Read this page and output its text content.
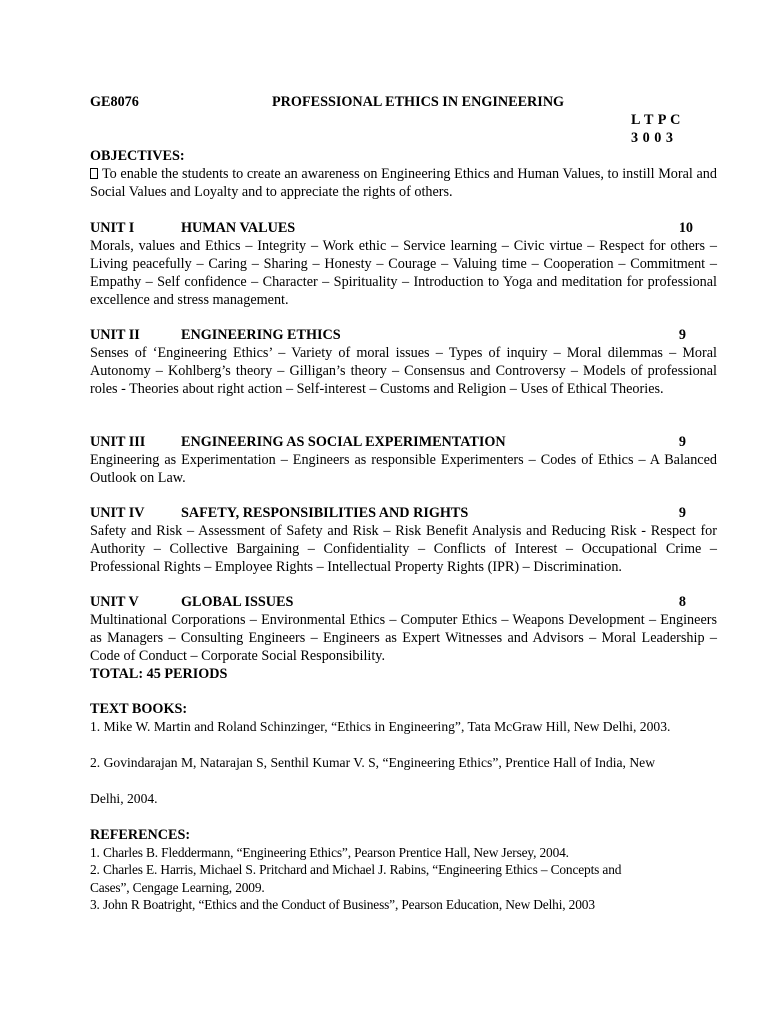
GE8076	PROFESSIONAL ETHICS IN ENGINEERING
L T P C
3 0 0 3
OBJECTIVES:
To enable the students to create an awareness on Engineering Ethics and Human Values, to instill Moral and Social Values and Loyalty and to appreciate the rights of others.
UNIT I	HUMAN VALUES	10
Morals, values and Ethics – Integrity – Work ethic – Service learning – Civic virtue – Respect for others – Living peacefully – Caring – Sharing – Honesty – Courage – Valuing time – Cooperation – Commitment – Empathy – Self confidence – Character – Spirituality – Introduction to Yoga and meditation for professional excellence and stress management.
UNIT II	ENGINEERING ETHICS	9
Senses of ‘Engineering Ethics’ – Variety of moral issues – Types of inquiry – Moral dilemmas – Moral Autonomy – Kohlberg’s theory – Gilligan’s theory – Consensus and Controversy – Models of professional roles - Theories about right action – Self-interest – Customs and Religion – Uses of Ethical Theories.
UNIT III	ENGINEERING AS SOCIAL EXPERIMENTATION	9
Engineering as Experimentation – Engineers as responsible Experimenters – Codes of Ethics – A Balanced Outlook on Law.
UNIT IV	SAFETY, RESPONSIBILITIES AND RIGHTS	9
Safety and Risk – Assessment of Safety and Risk – Risk Benefit Analysis and Reducing Risk - Respect for Authority – Collective Bargaining – Confidentiality – Conflicts of Interest – Occupational Crime – Professional Rights – Employee Rights – Intellectual Property Rights (IPR) – Discrimination.
UNIT V	GLOBAL ISSUES	8
Multinational Corporations – Environmental Ethics – Computer Ethics – Weapons Development – Engineers as Managers – Consulting Engineers – Engineers as Expert Witnesses and Advisors – Moral Leadership –Code of Conduct – Corporate Social Responsibility.
TOTAL: 45 PERIODS
TEXT BOOKS:
1. Mike W. Martin and Roland Schinzinger, “Ethics in Engineering”, Tata McGraw Hill, New Delhi, 2003.
2. Govindarajan M, Natarajan S, Senthil Kumar V. S, “Engineering Ethics”, Prentice Hall of India, New
Delhi, 2004.
REFERENCES:
1. Charles B. Fleddermann, “Engineering Ethics”, Pearson Prentice Hall, New Jersey, 2004.
2. Charles E. Harris, Michael S. Pritchard and Michael J. Rabins, “Engineering Ethics – Concepts and
Cases”, Cengage Learning, 2009.
3. John R Boatright, “Ethics and the Conduct of Business”, Pearson Education, New Delhi, 2003
